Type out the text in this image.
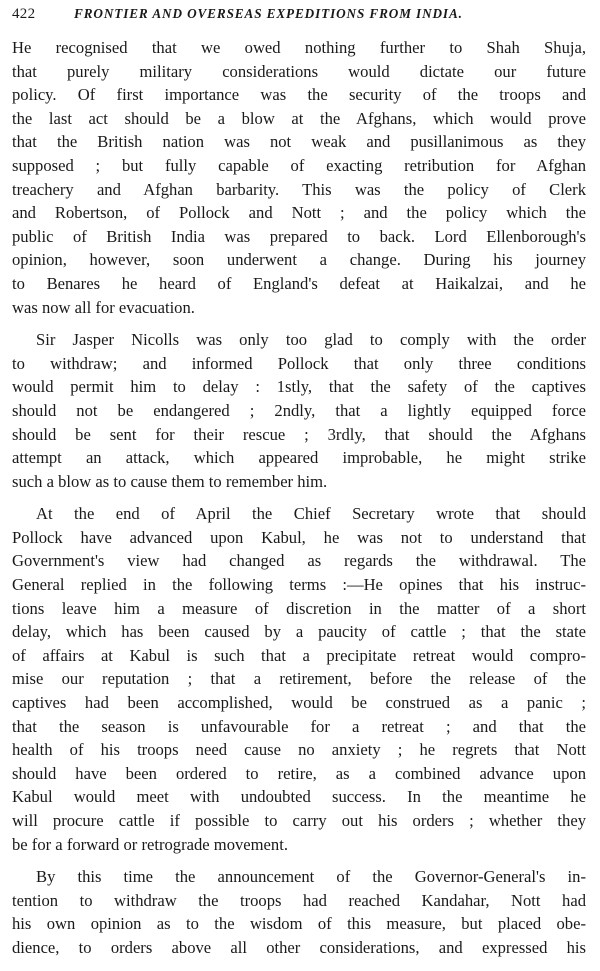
422	FRONTIER AND OVERSEAS EXPEDITIONS FROM INDIA.
He recognised that we owed nothing further to Shah Shuja,
that purely military considerations would dictate our future
policy. Of first importance was the security of the troops and
the last act should be a blow at the Afghans, which would prove
that the British nation was not weak and pusillanimous as they
supposed ; but fully capable of exacting retribution for Afghan
treachery and Afghan barbarity. This was the policy of Clerk
and Robertson, of Pollock and Nott ; and the policy which the
public of British India was prepared to back. Lord Ellenborough's
opinion, however, soon underwent a change. During his journey
to Benares he heard of England's defeat at Haikalzai, and he
was now all for evacuation.
Sir Jasper Nicolls was only too glad to comply with the order
to withdraw; and informed Pollock that only three conditions
would permit him to delay : 1stly, that the safety of the captives
should not be endangered ; 2ndly, that a lightly equipped force
should be sent for their rescue ; 3rdly, that should the Afghans
attempt an attack, which appeared improbable, he might strike
such a blow as to cause them to remember him.
At the end of April the Chief Secretary wrote that should
Pollock have advanced upon Kabul, he was not to understand that
Government's view had changed as regards the withdrawal. The
General replied in the following terms :—He opines that his instruc-
tions leave him a measure of discretion in the matter of a short
delay, which has been caused by a paucity of cattle ; that the state
of affairs at Kabul is such that a precipitate retreat would compro-
mise our reputation ; that a retirement, before the release of the
captives had been accomplished, would be construed as a panic ;
that the season is unfavourable for a retreat ; and that the
health of his troops need cause no anxiety ; he regrets that Nott
should have been ordered to retire, as a combined advance upon
Kabul would meet with undoubted success. In the meantime he
will procure cattle if possible to carry out his orders ; whether they
be for a forward or retrograde movement.
By this time the announcement of the Governor-General's in-
tention to withdraw the troops had reached Kandahar, Nott had
his own opinion as to the wisdom of this measure, but placed obe-
dience, to orders above all other considerations, and expressed his
